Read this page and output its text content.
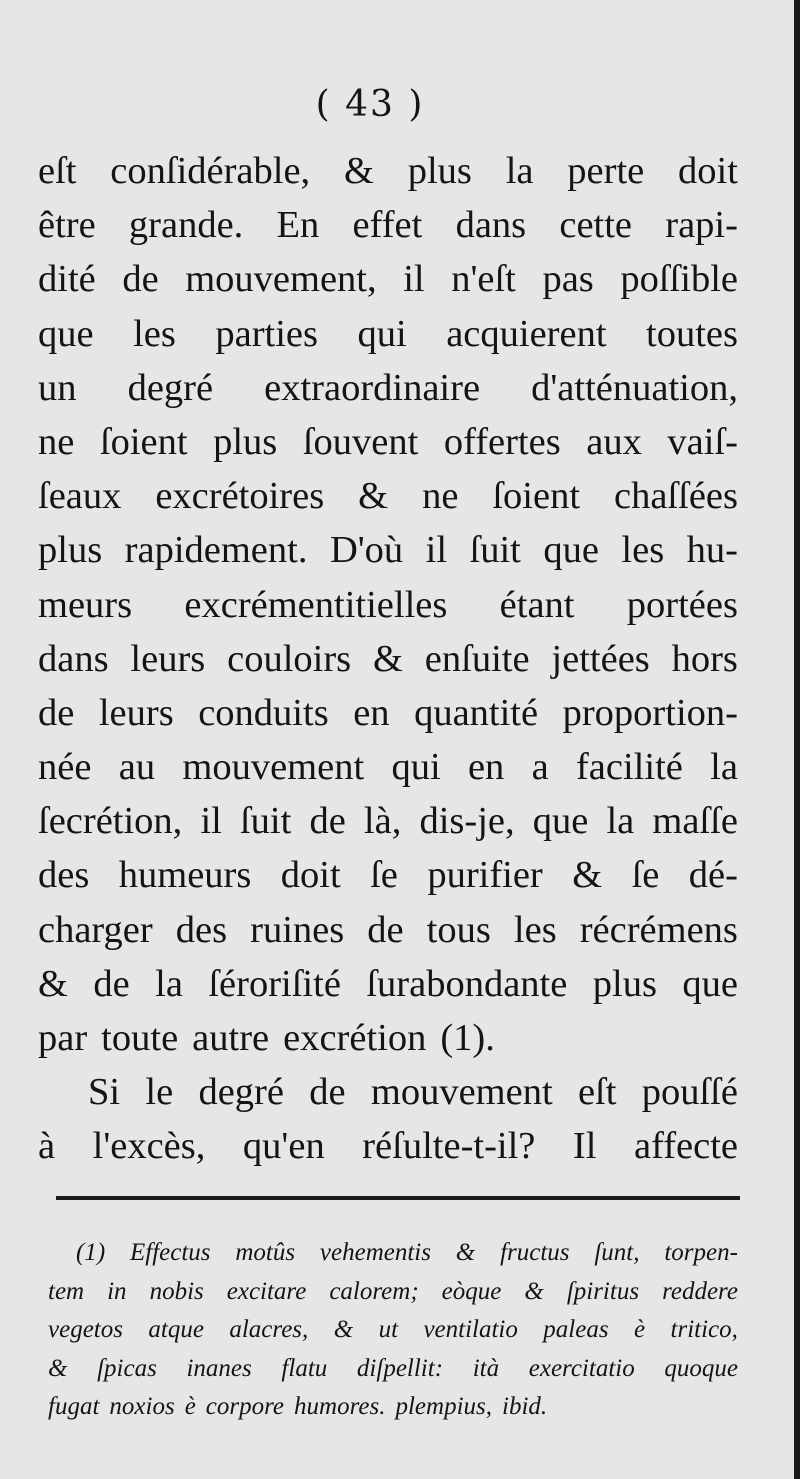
( 43 )
eſt conſidérable, & plus la perte doit
être grande. En effet dans cette rapi-
dité de mouvement, il n'eſt pas poſſible
que les parties qui acquierent toutes
un degré extraordinaire d'atténuation,
ne ſoient plus ſouvent offertes aux vaiſ-
ſeaux excrétoires & ne ſoient chaſſées
plus rapidement. D'où il ſuit que les hu-
meurs excrémentitielles étant portées
dans leurs couloirs & enſuite jettées hors
de leurs conduits en quantité proportion-
née au mouvement qui en a facilité la
ſecrétion, il ſuit de là, dis-je, que la maſſe
des humeurs doit ſe purifier & ſe dé-
charger des ruines de tous les récrémens
& de la ſéroriſité ſurabondante plus que
par toute autre excrétion (1).
Si le degré de mouvement eſt pouſſé
à l'excès, qu'en réſulte-t-il? Il affecte
(1) Effectus motûs vehementis & fructus ſunt, torpen-
tem in nobis excitare calorem; eòque & ſpiritus reddere
vegetos atque alacres, & ut ventilatio paleas è tritico,
& ſpicas inanes flatu diſpellit: ità exercitatio quoque
fugat noxios è corpore humores. plempius, ibid.
